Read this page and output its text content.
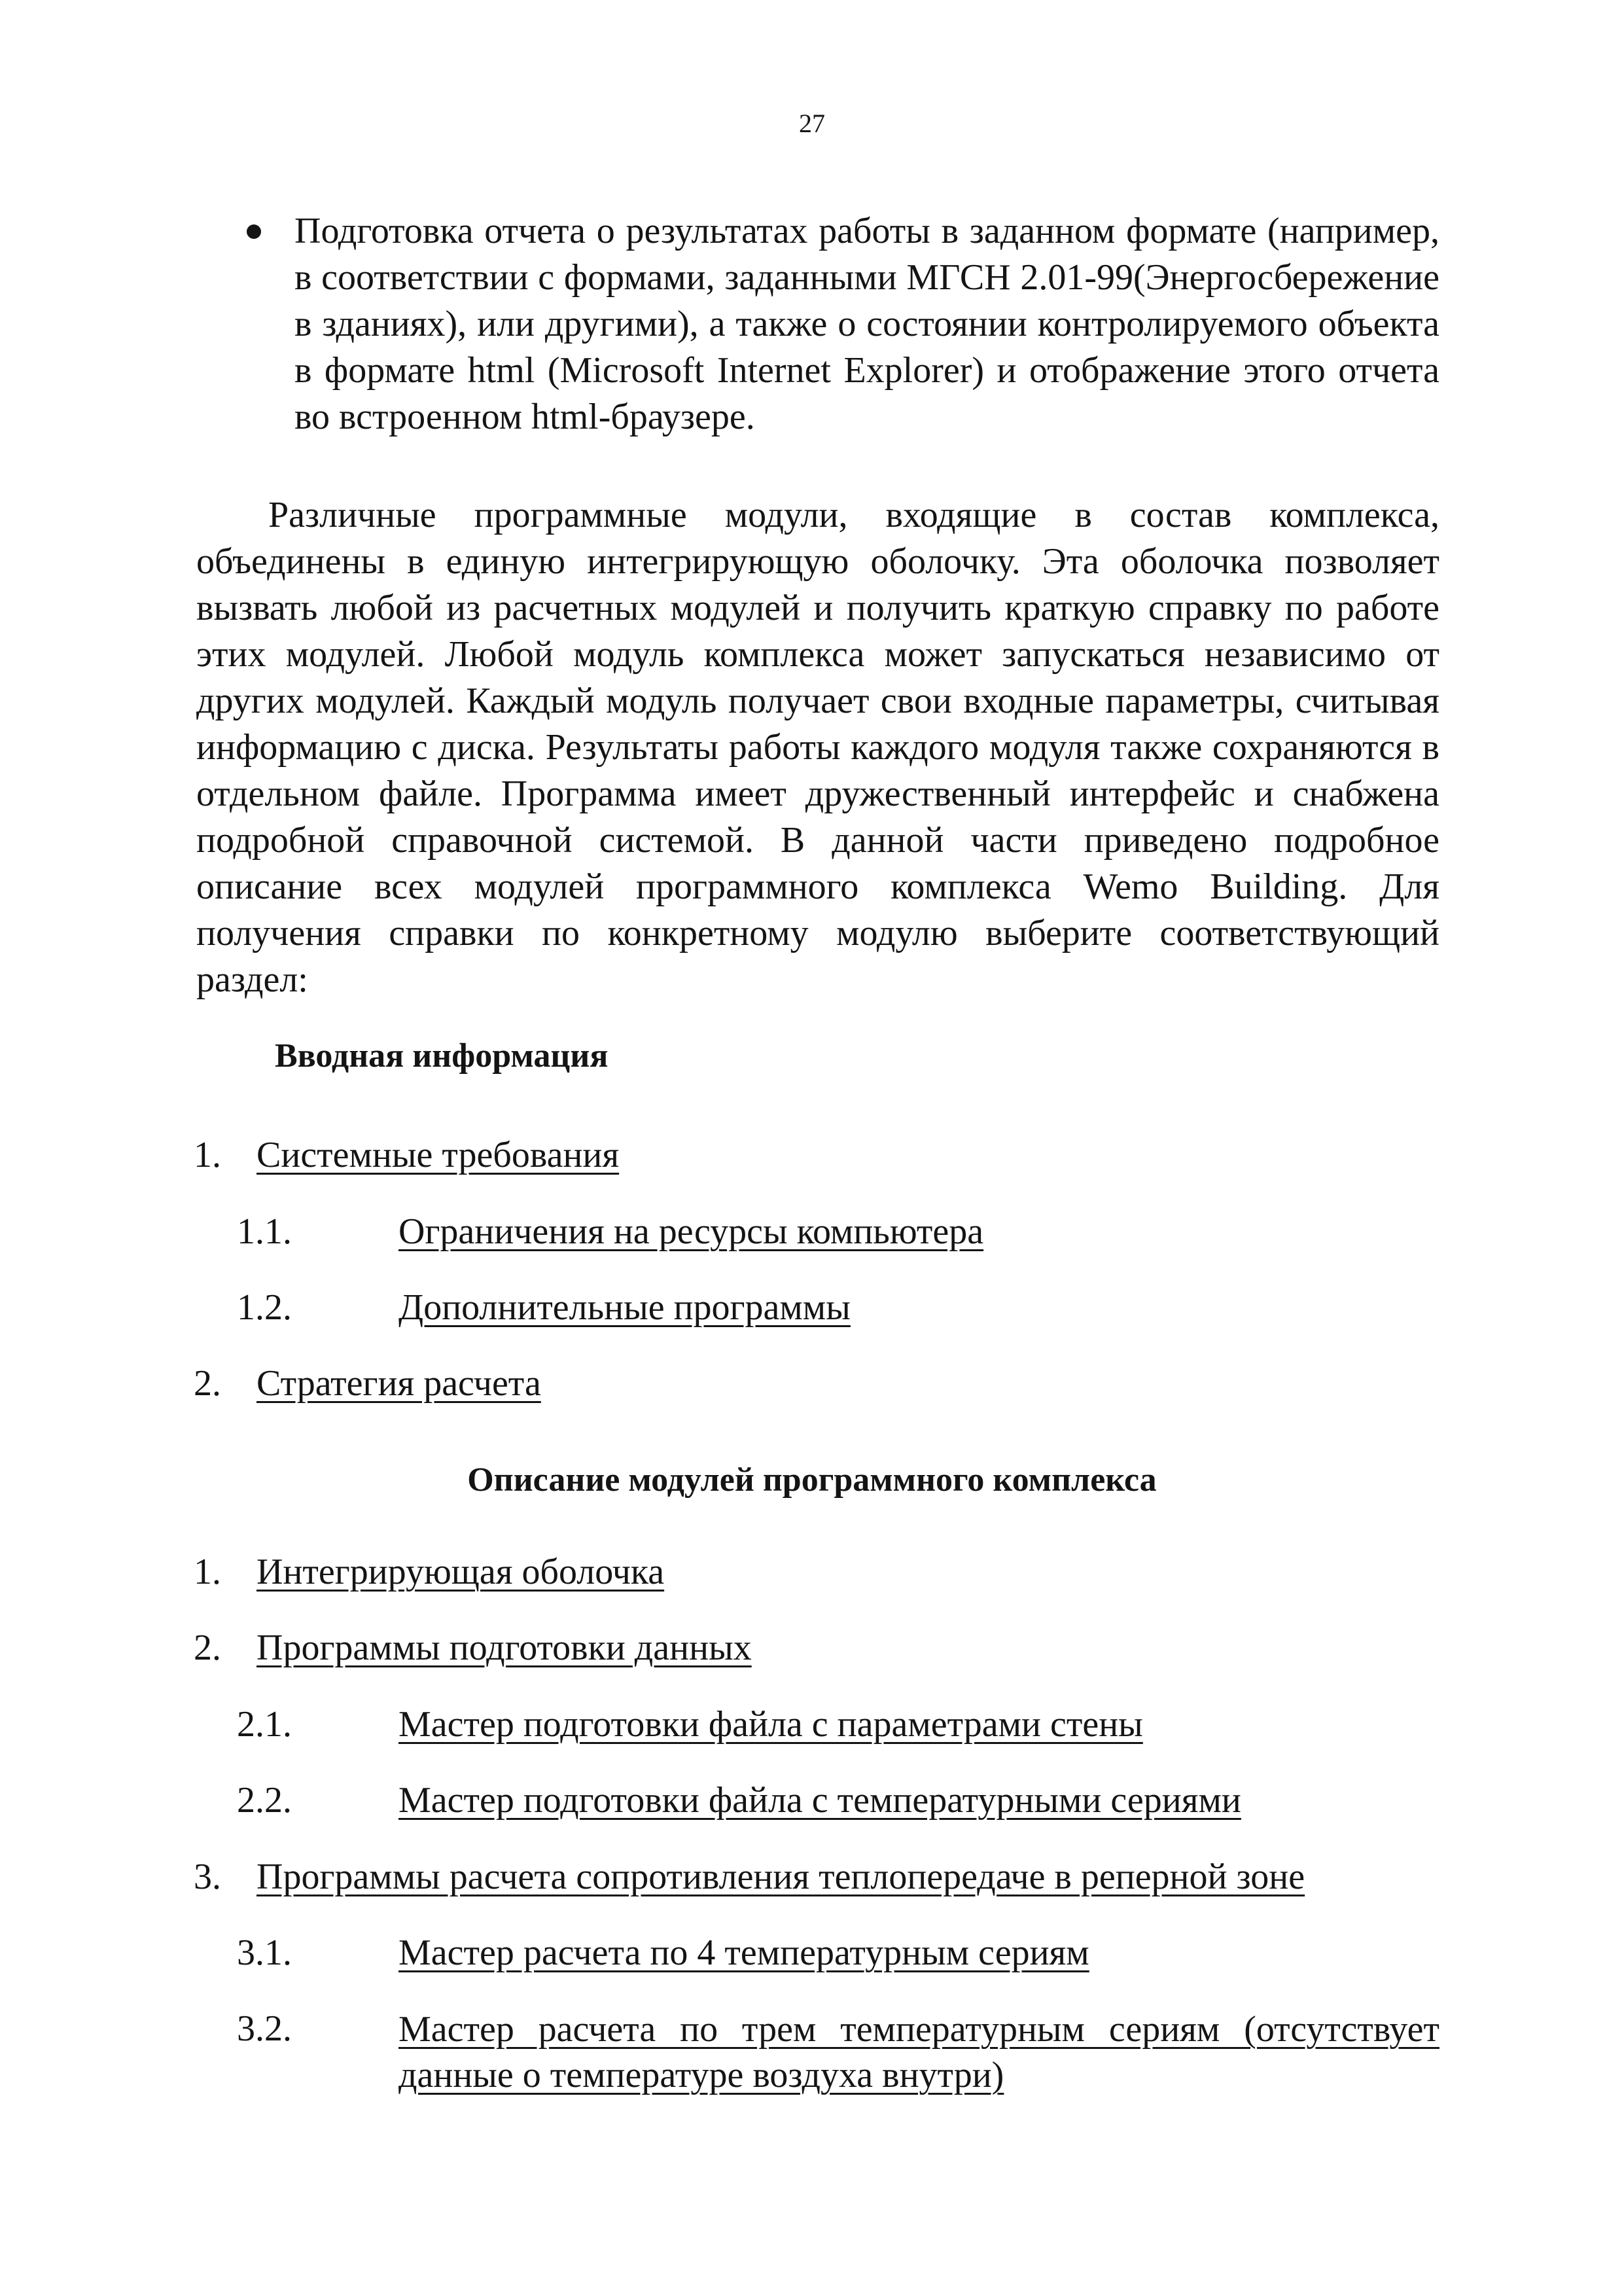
27

Подготовка отчета о результатах работы в заданном формате (например, в соответствии с формами, заданными МГСН 2.01-99(Энергосбережение в зданиях), или другими), а также о состоянии контролируемого объекта в формате html (Microsoft Internet Explorer) и отображение этого отчета во встроенном html-браузере.

Различные программные модули, входящие в состав комплекса, объединены в единую интегрирующую оболочку. Эта оболочка позволяет вызвать любой из расчетных модулей и получить краткую справку по работе этих модулей. Любой модуль комплекса может запускаться независимо от других модулей. Каждый модуль получает свои входные параметры, считывая информацию с диска. Результаты работы каждого модуля также сохраняются в отдельном файле. Программа имеет дружественный интерфейс и снабжена подробной справочной системой. В данной части приведено подробное описание всех модулей программного комплекса Wemo Building. Для получения справки по конкретному модулю выберите соответствующий раздел:

Вводная информация
1. Системные требования
1.1.	Ограничения на ресурсы компьютера
1.2.	Дополнительные программы
2. Стратегия расчета
Описание модулей программного комплекса
1. Интегрирующая оболочка
2. Программы подготовки данных
2.1.	Мастер подготовки файла с параметрами стены
2.2.	Мастер подготовки файла с температурными сериями
3. Программы расчета сопротивления теплопередаче в реперной зоне
3.1.	Мастер расчета по 4 температурным сериям
3.2.	Мастер расчета по трем температурным сериям (отсутствует данные о температуре воздуха внутри)
